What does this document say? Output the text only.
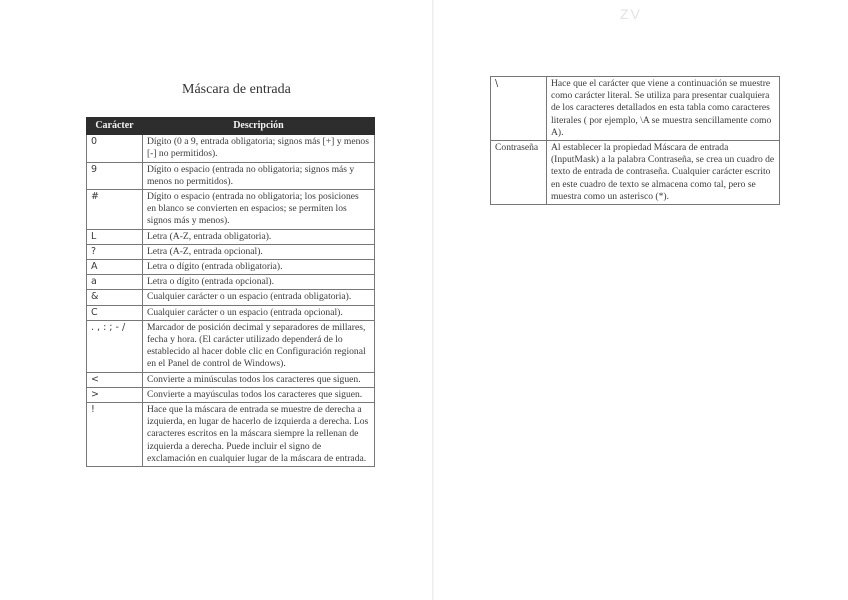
ZV
Máscara de entrada
Carácter	Descripción
0	Dígito (0 a 9, entrada obligatoria; signos más [+] y menos [-] no permitidos).
9	Dígito o espacio (entrada no obligatoria; signos más y menos no permitidos).
#	Dígito o espacio (entrada no obligatoria; los posiciones en blanco se convierten en espacios; se permiten los signos más y menos).
L	Letra (A-Z, entrada obligatoria).
?	Letra (A-Z, entrada opcional).
A	Letra o dígito (entrada obligatoria).
a	Letra o dígito (entrada opcional).
&	Cualquier carácter o un espacio (entrada obligatoria).
C	Cualquier carácter o un espacio (entrada opcional).
. , : ; - /	Marcador de posición decimal y separadores de millares, fecha y hora. (El carácter utilizado dependerá de lo establecido al hacer doble clic en Configuración regional en el Panel de control de Windows).
<	Convierte a minúsculas todos los caracteres que siguen.
>	Convierte a mayúsculas todos los caracteres que siguen.
!	Hace que la máscara de entrada se muestre de derecha a izquierda, en lugar de hacerlo de izquierda a derecha. Los caracteres escritos en la máscara siempre la rellenan de izquierda a derecha. Puede incluir el signo de exclamación en cualquier lugar de la máscara de entrada.
\	Hace que el carácter que viene a continuación se muestre como carácter literal. Se utiliza para presentar cualquiera de los caracteres detallados en esta tabla como caracteres literales ( por ejemplo, \A se muestra sencillamente como A).
Contraseña	Al establecer la propiedad Máscara de entrada (InputMask) a la palabra Contraseña, se crea un cuadro de texto de entrada de contraseña. Cualquier carácter escrito en este cuadro de texto se almacena como tal, pero se muestra como un asterisco (*).
